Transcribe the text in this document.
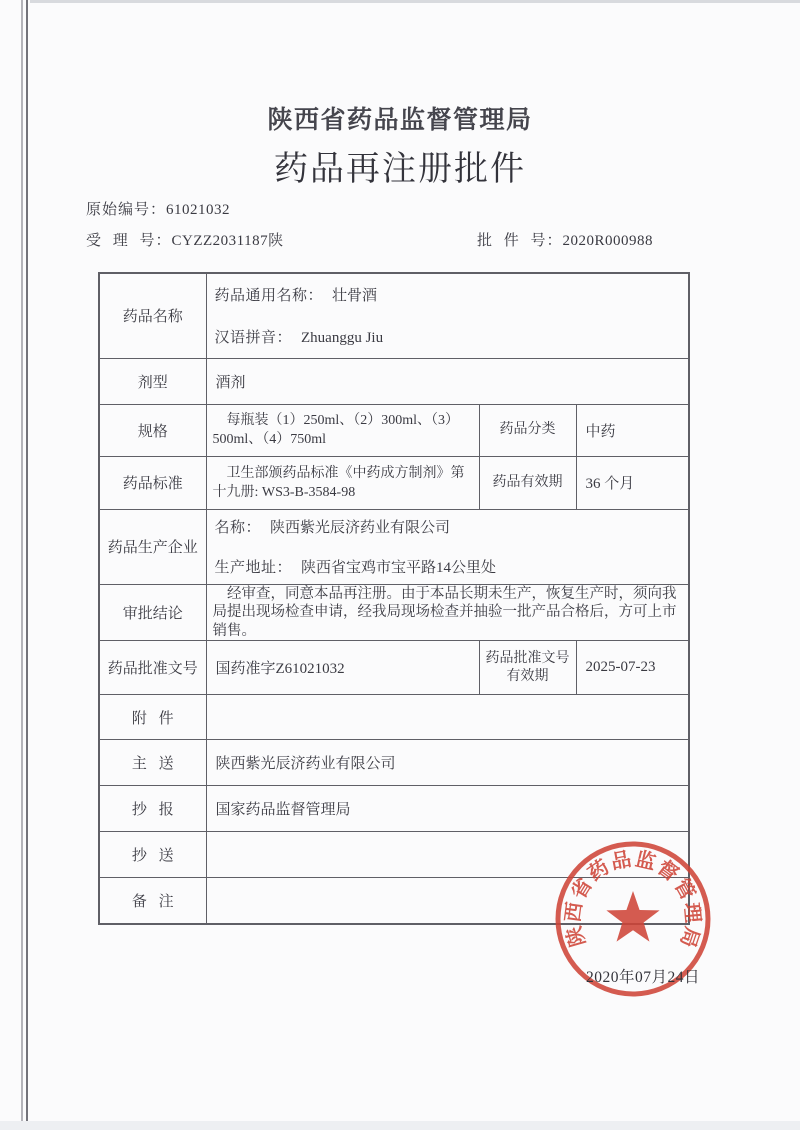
陕西省药品监督管理局
药品再注册批件
原始编号：61021032
受 理 号：CYZZ2031187陕	批 件 号：2020R000988
药品名称	药品通用名称： 壮骨酒
汉语拼音： Zhuanggu Jiu		

剂型	酒剂		
规格	每瓶装（1）250ml、（2）300ml、（3）500ml、（4）750ml	药品分类	中药
药品标准	卫生部颁药品标准《中药成方制剂》第十九册: WS3-B-3584-98	药品有效期	36 个月
药品生产企业	名称： 陕西紫光辰济药业有限公司
生产地址： 陕西省宝鸡市宝平路14公里处		

审批结论	经审查，同意本品再注册。由于本品长期未生产，恢复生产时，须向我局提出现场检查申请，经我局现场检查并抽验一批产品合格后，方可上市销售。		
药品批准文号	国药准字Z61021032	药品批准文号有效期	2025-07-23
附 件			
主 送	陕西紫光辰济药业有限公司		
抄 报	国家药品监督管理局		
抄 送			
备 注			
陕西省药品监督管理局
2020年07月24日
